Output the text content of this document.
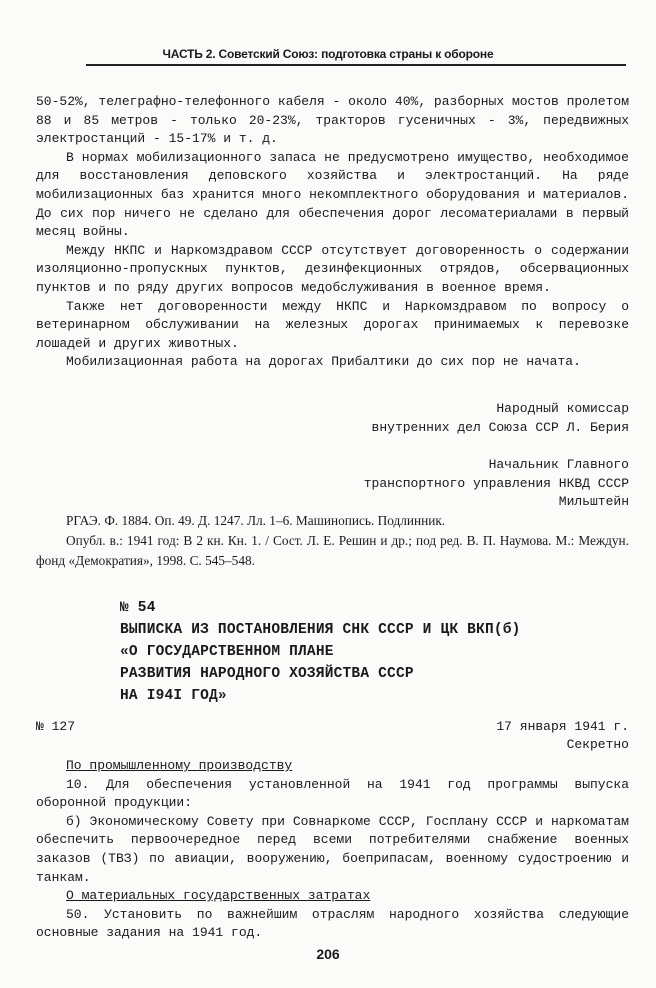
ЧАСТЬ 2. Советский Союз: подготовка страны к обороне

50-52%, телеграфно-телефонного кабеля - около 40%, разборных мостов пролетом 88 и 85 метров - только 20-23%, тракторов гусеничных - 3%, передвижных электростанций - 15-17% и т. д.

В нормах мобилизационного запаса не предусмотрено имущество, необходимое для восстановления деповского хозяйства и электростанций. На ряде мобилизационных баз хранится много некомплектного оборудования и материалов. До сих пор ничего не сделано для обеспечения дорог лесоматериалами в первый месяц войны.

Между НКПС и Наркомздравом СССР отсутствует договоренность о содержании изоляционно-пропускных пунктов, дезинфекционных отрядов, обсервационных пунктов и по ряду других вопросов медобслуживания в военное время.

Также нет договоренности между НКПС и Наркомздравом по вопросу о ветеринарном обслуживании на железных дорогах принимаемых к перевозке лошадей и других животных.

Мобилизационная работа на дорогах Прибалтики до сих пор не начата.

Народный комиссар
внутренних дел Союза ССР Л. Берия
Начальник Главного
транспортного управления НКВД СССР
Мильштейн

РГАЭ. Ф. 1884. Оп. 49. Д. 1247. Лл. 1–6. Машинопись. Подлинник.

Опубл. в.: 1941 год: В 2 кн. Кн. 1. / Сост. Л. Е. Решин и др.; под ред. В. П. Наумова. М.: Междун. фонд «Демократия», 1998. С. 545–548.

№ 54
ВЫПИСКА ИЗ ПОСТАНОВЛЕНИЯ СНК СССР И ЦК ВКП(б)
«О ГОСУДАРСТВЕННОМ ПЛАНЕ
РАЗВИТИЯ НАРОДНОГО ХОЗЯЙСТВА СССР
НА I94I ГОД»
№ 127	17 января 1941 г.
Секретно

По промышленному производству

10. Для обеспечения установленной на 1941 год программы выпуска оборонной продукции:

б) Экономическому Совету при Совнаркоме СССР, Госплану СССР и наркоматам обеспечить первоочередное перед всеми потребителями снабжение военных заказов (ТВЗ) по авиации, вооружению, боеприпасам, военному судостроению и танкам.

О материальных государственных затратах

50. Установить по важнейшим отраслям народного хозяйства следующие основные задания на 1941 год.

206
